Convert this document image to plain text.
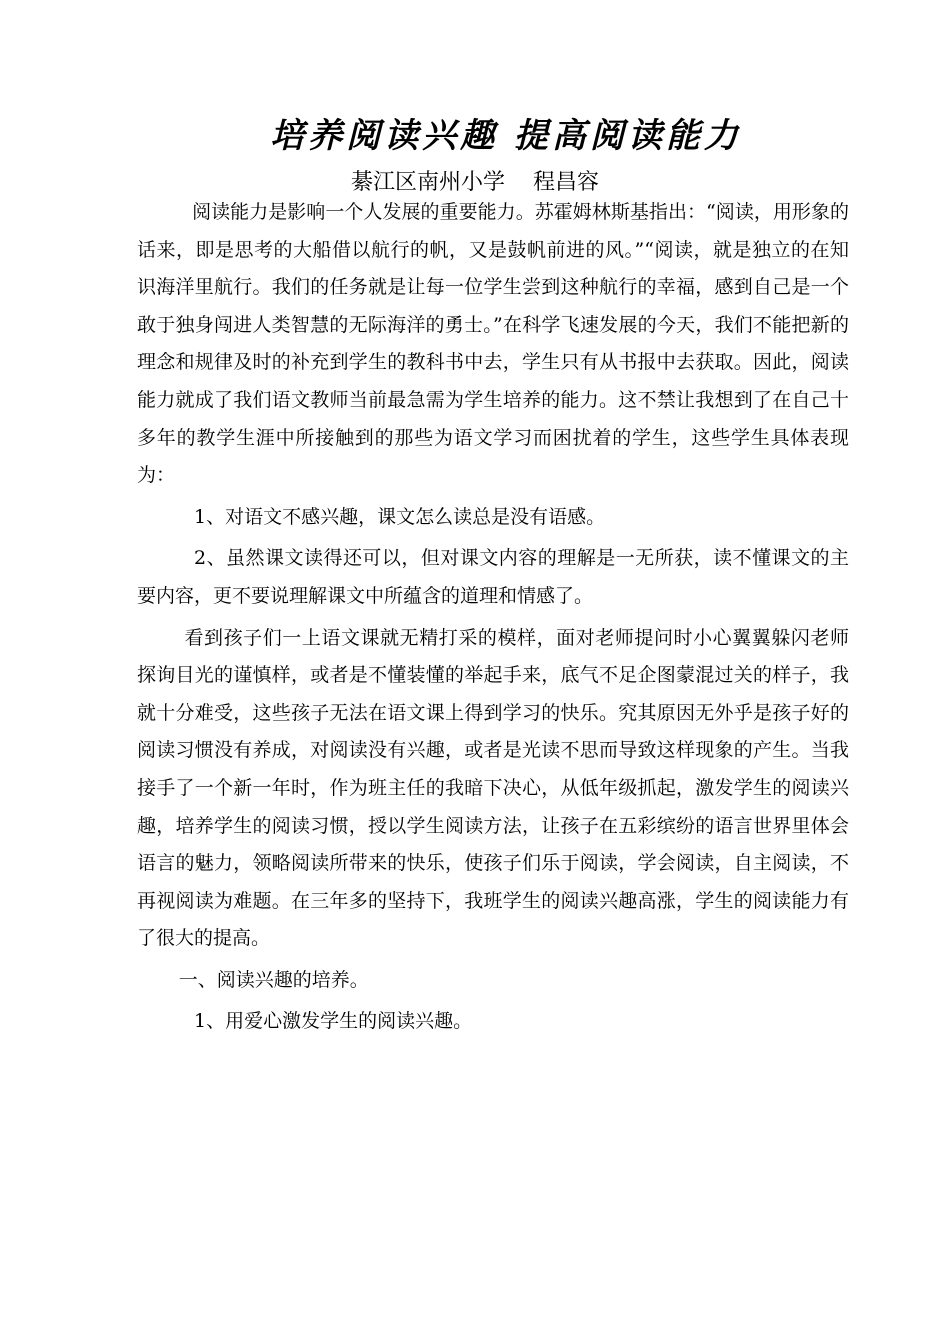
培养阅读兴趣 提高阅读能力
綦江区南州小学    程昌容

阅读能力是影响一个人发展的重要能力。苏霍姆林斯基指出：“阅读，用形象的话来，即是思考的大船借以航行的帆，又是鼓帆前进的风。”“阅读，就是独立的在知识海洋里航行。我们的任务就是让每一位学生尝到这种航行的幸福，感到自己是一个敢于独身闯进人类智慧的无际海洋的勇士。”在科学飞速发展的今天，我们不能把新的理念和规律及时的补充到学生的教科书中去，学生只有从书报中去获取。因此，阅读能力就成了我们语文教师当前最急需为学生培养的能力。这不禁让我想到了在自己十多年的教学生涯中所接触到的那些为语文学习而困扰着的学生，这些学生具体表现为：

1、对语文不感兴趣，课文怎么读总是没有语感。

2、虽然课文读得还可以，但对课文内容的理解是一无所获，读不懂课文的主要内容，更不要说理解课文中所蕴含的道理和情感了。

看到孩子们一上语文课就无精打采的模样，面对老师提问时小心翼翼躲闪老师探询目光的谨慎样，或者是不懂装懂的举起手来，底气不足企图蒙混过关的样子，我就十分难受，这些孩子无法在语文课上得到学习的快乐。究其原因无外乎是孩子好的阅读习惯没有养成，对阅读没有兴趣，或者是光读不思而导致这样现象的产生。当我接手了一个新一年时，作为班主任的我暗下决心，从低年级抓起，激发学生的阅读兴趣，培养学生的阅读习惯，授以学生阅读方法，让孩子在五彩缤纷的语言世界里体会语言的魅力，领略阅读所带来的快乐，使孩子们乐于阅读，学会阅读，自主阅读，不再视阅读为难题。在三年多的坚持下，我班学生的阅读兴趣高涨，学生的阅读能力有了很大的提高。

一、阅读兴趣的培养。

1、用爱心激发学生的阅读兴趣。
